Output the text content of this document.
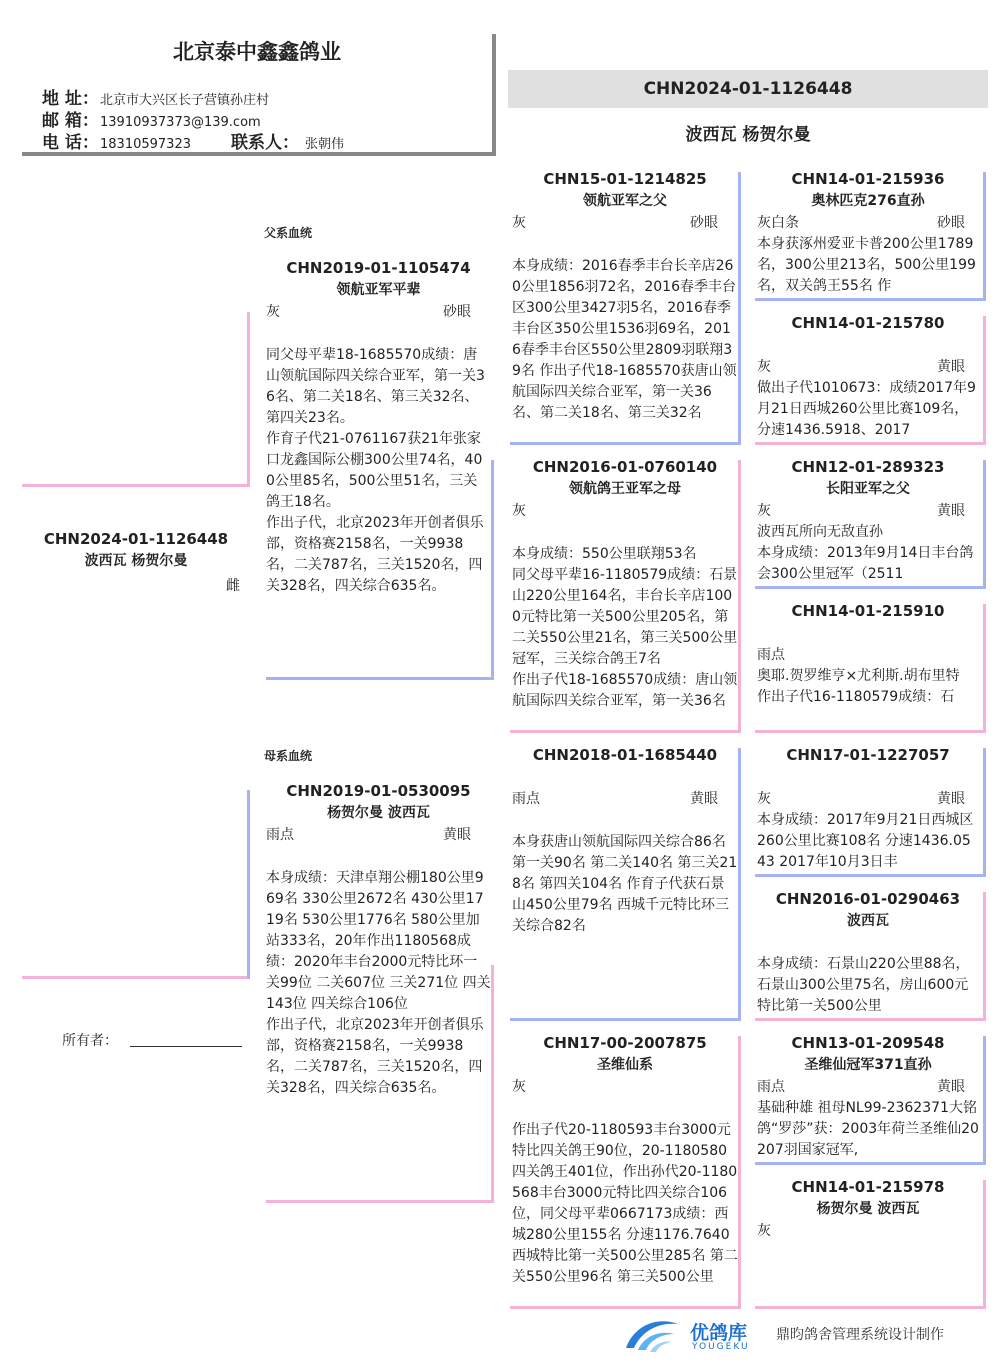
北京泰中鑫鑫鸽业
地 址：北京市大兴区长子营镇孙庄村
邮 箱：13910937373@139.com
电 话：18310597323 联系人： 张朝伟
CHN2024-01-1126448
波西瓦 杨贺尔曼
CHN2024-01-1126448
波西瓦 杨贺尔曼
雌
父系血统
母系血统
所有者：
CHN2019-01-1105474
领航亚军平辈
灰	砂眼
同父母平辈18-1685570成绩：唐山领航国际四关综合亚军，第一关36名、第二关18名、第三关32名、第四关23名。
作育子代21-0761167获21年张家口龙鑫国际公棚300公里74名，400公里85名，500公里51名，三关鸽王18名。
作出子代，北京2023年开创者俱乐部，资格赛2158名，一关9938名，二关787名，三关1520名，四关328名，四关综合635名。
CHN2019-01-0530095
杨贺尔曼 波西瓦
雨点	黄眼
本身成绩：天津卓翔公棚180公里969名 330公里2672名 430公里1719名 530公里1776名 580公里加站333名，20年作出1180568成绩：2020年丰台2000元特比环一关99位 二关607位 三关271位 四关143位 四关综合106位
作出子代，北京2023年开创者俱乐部，资格赛2158名，一关9938名，二关787名，三关1520名，四关328名，四关综合635名。
CHN15-01-1214825
领航亚军之父
灰	砂眼
本身成绩：2016春季丰台长辛店260公里1856羽72名，2016春季丰台区300公里3427羽5名，2016春季丰台区350公里1536羽69名，2016春季丰台区550公里2809羽联翔39名 作出子代18-1685570获唐山领航国际四关综合亚军，第一关36名、第二关18名、第三关32名
CHN2016-01-0760140
领航鸽王亚军之母
灰
本身成绩：550公里联翔53名
同父母平辈16-1180579成绩：石景山220公里164名，丰台长辛店1000元特比第一关500公里205名，第二关550公里21名，第三关500公里冠军，三关综合鸽王7名
作出子代18-1685570成绩：唐山领航国际四关综合亚军，第一关36名
CHN2018-01-1685440
雨点	黄眼
本身获唐山领航国际四关综合86名 第一关90名 第二关140名 第三关218名 第四关104名 作育子代获石景山450公里79名 西城千元特比环三关综合82名
CHN17-00-2007875
圣维仙系
灰
作出子代20-1180593丰台3000元特比四关鸽王90位，20-1180580四关鸽王401位，作出孙代20-1180568丰台3000元特比四关综合106位，同父母平辈0667173成绩：西城280公里155名 分速1176.7640 西城特比第一关500公里285名 第二关550公里96名 第三关500公里
CHN14-01-215936
奥林匹克276直孙
灰白条	砂眼
本身获涿州爱亚卡普200公里1789名，300公里213名，500公里199名，双关鸽王55名 作
CHN14-01-215780
灰	黄眼
做出子代1010673：成绩2017年9月21日西城260公里比赛109名，分速1436.5918、2017
CHN12-01-289323
长阳亚军之父
灰	黄眼
波西瓦所向无敌直孙
本身成绩：2013年9月14日丰台鸽会300公里冠军（2511
CHN14-01-215910
雨点
奥耶.贺罗维亨×尤利斯.胡布里特
作出子代16-1180579成绩：石
CHN17-01-1227057
灰	黄眼
本身成绩：2017年9月21日西城区260公里比赛108名 分速1436.0543 2017年10月3日丰
CHN2016-01-0290463
波西瓦
本身成绩：石景山220公里88名，石景山300公里75名，房山600元特比第一关500公里
CHN13-01-209548
圣维仙冠军371直孙
雨点	黄眼
基础种雄 祖母NL99-2362371大铭鸽“罗莎”获：2003年荷兰圣维仙20207羽国家冠军,
CHN14-01-215978
杨贺尔曼 波西瓦
灰
优鸽库
YOUGEKU
鼎昀鸽舍管理系统设计制作
